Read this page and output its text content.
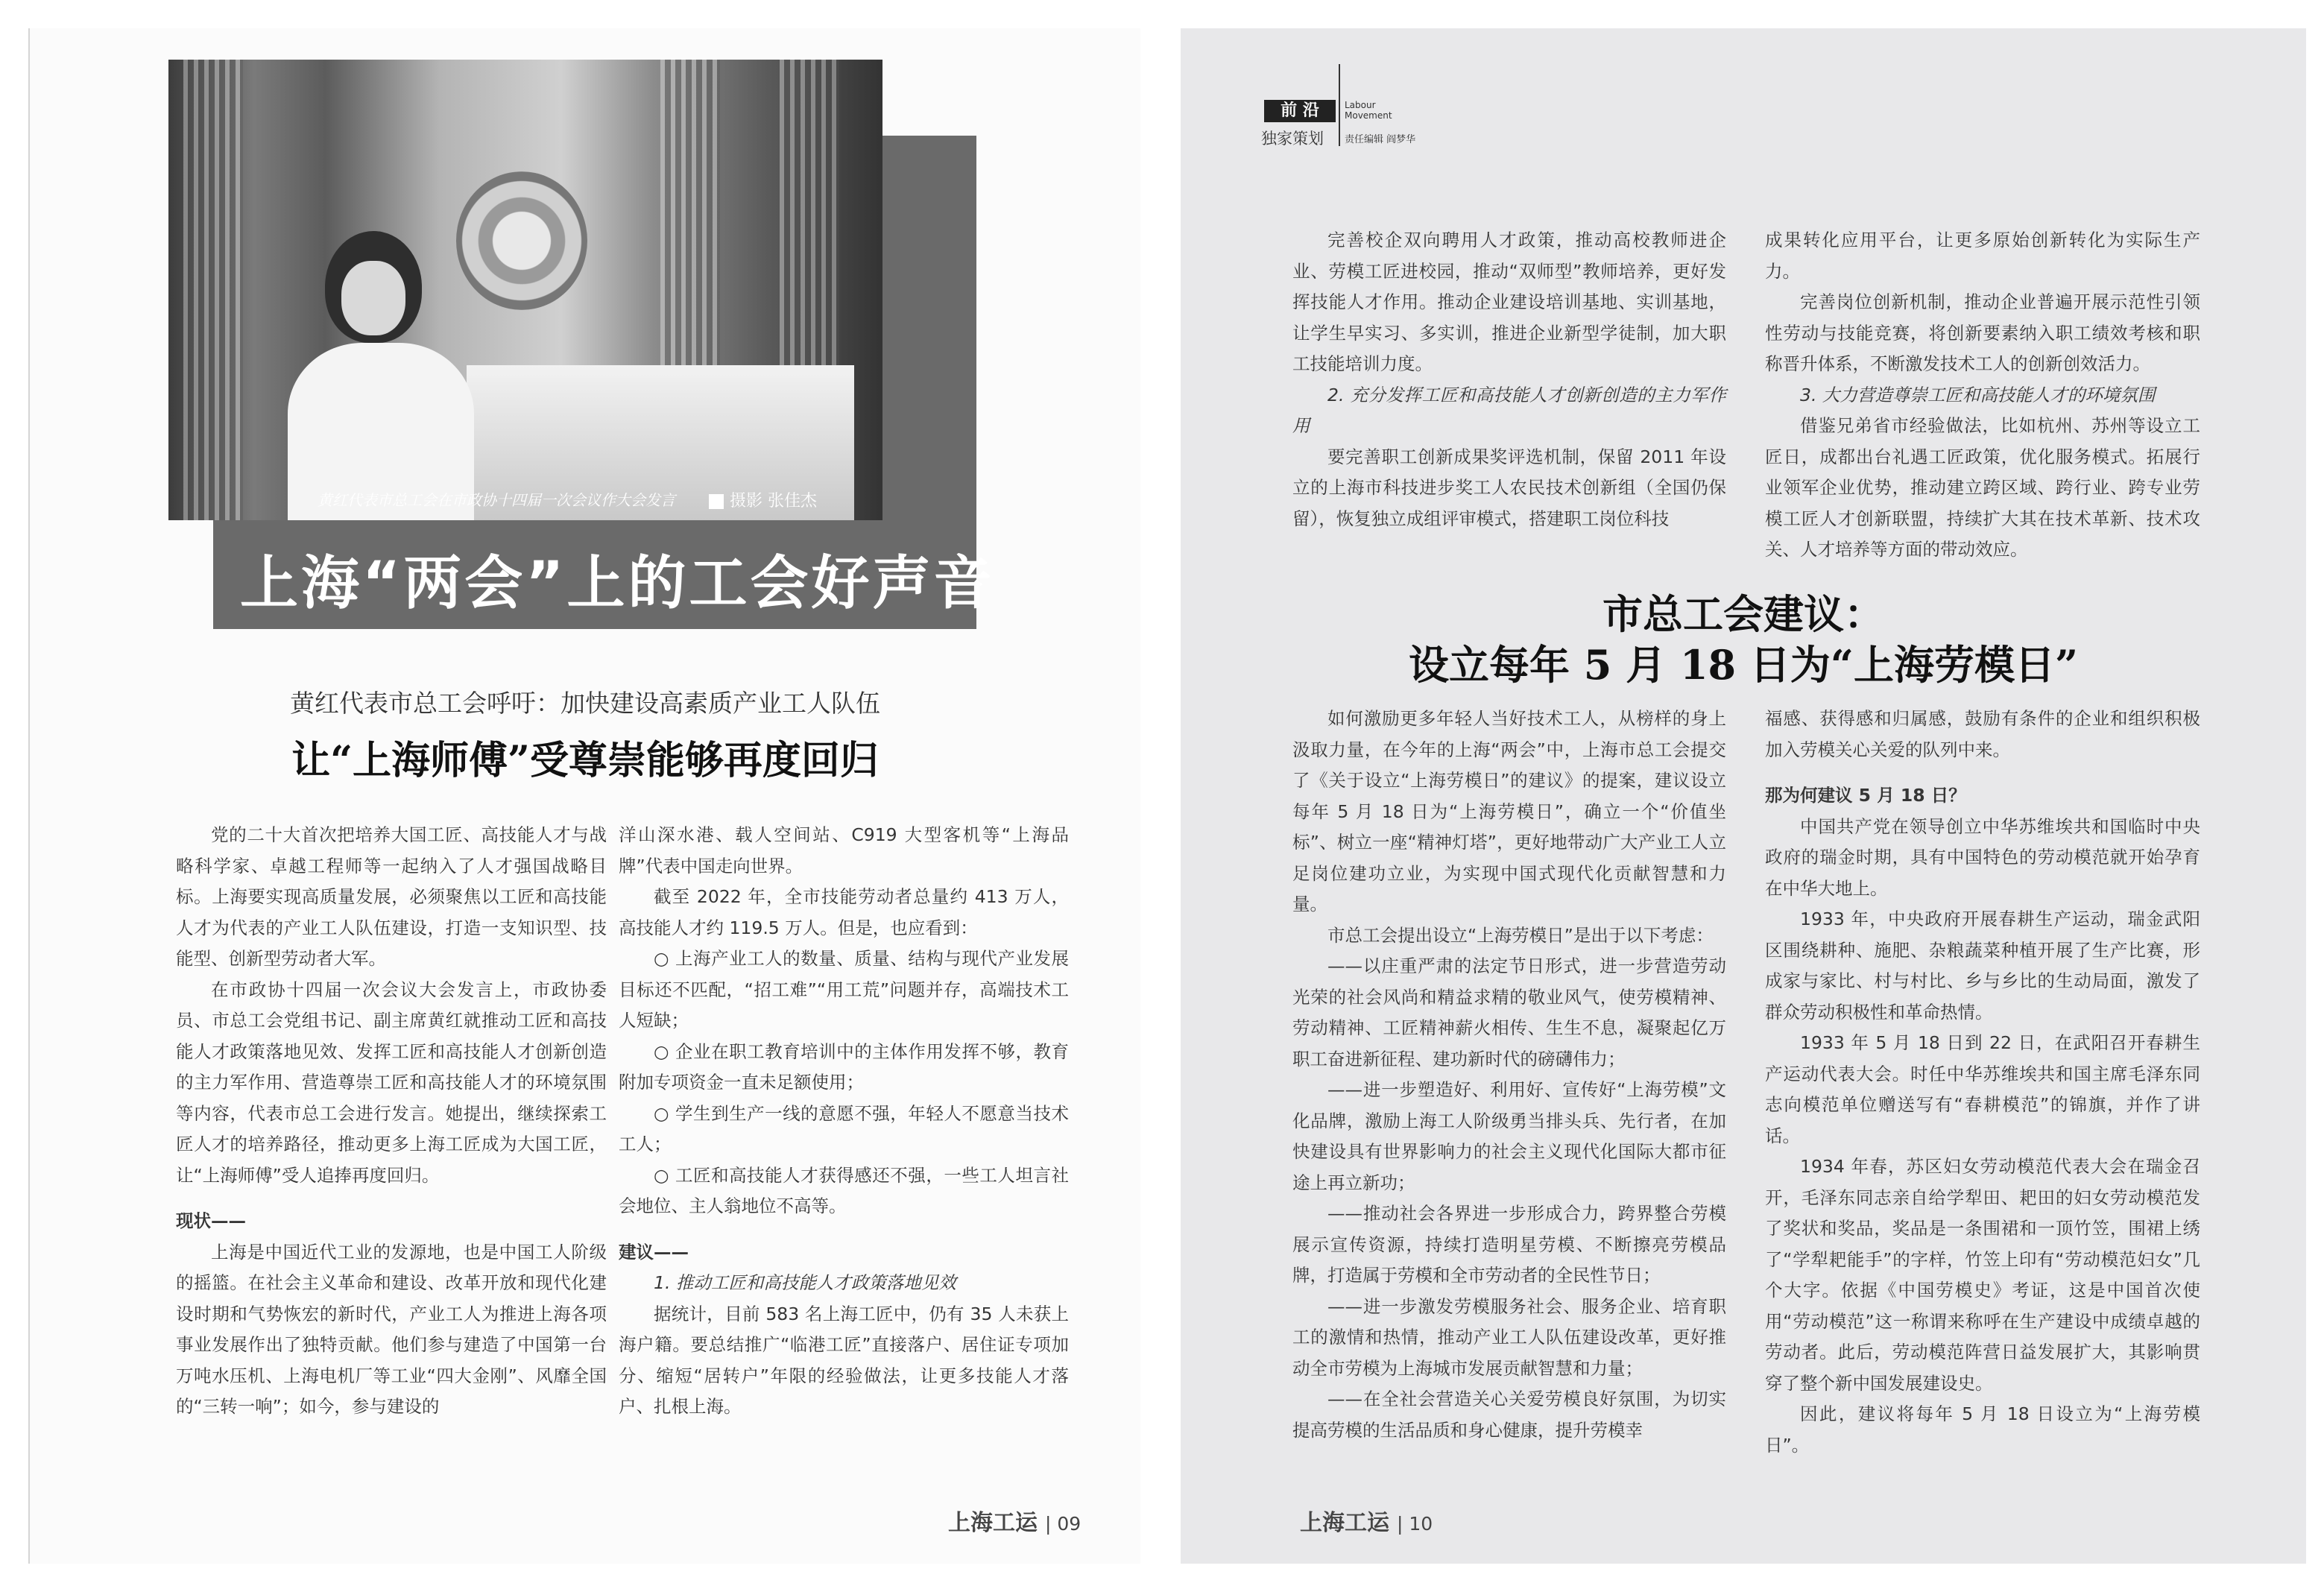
黄红代表市总工会在市政协十四届一次会议作大会发言	摄影 张佳杰
上海“两会”上的工会好声音
黄红代表市总工会呼吁：加快建设高素质产业工人队伍
让“上海师傅”受尊崇能够再度回归

党的二十大首次把培养大国工匠、高技能人才与战略科学家、卓越工程师等一起纳入了人才强国战略目标。上海要实现高质量发展，必须聚焦以工匠和高技能人才为代表的产业工人队伍建设，打造一支知识型、技能型、创新型劳动者大军。

在市政协十四届一次会议大会发言上，市政协委员、市总工会党组书记、副主席黄红就推动工匠和高技能人才政策落地见效、发挥工匠和高技能人才创新创造的主力军作用、营造尊崇工匠和高技能人才的环境氛围等内容，代表市总工会进行发言。她提出，继续探索工匠人才的培养路径，推动更多上海工匠成为大国工匠，让“上海师傅”受人追捧再度回归。

现状——

上海是中国近代工业的发源地，也是中国工人阶级的摇篮。在社会主义革命和建设、改革开放和现代化建设时期和气势恢宏的新时代，产业工人为推进上海各项事业发展作出了独特贡献。他们参与建造了中国第一台万吨水压机、上海电机厂等工业“四大金刚”、风靡全国的“三转一响”；如今，参与建设的

洋山深水港、载人空间站、C919 大型客机等“上海品牌”代表中国走向世界。

截至 2022 年，全市技能劳动者总量约 413 万人，高技能人才约 119.5 万人。但是，也应看到：

○ 上海产业工人的数量、质量、结构与现代产业发展目标还不匹配，“招工难”“用工荒”问题并存，高端技术工人短缺；

○ 企业在职工教育培训中的主体作用发挥不够，教育附加专项资金一直未足额使用；

○ 学生到生产一线的意愿不强，年轻人不愿意当技术工人；

○ 工匠和高技能人才获得感还不强，一些工人坦言社会地位、主人翁地位不高等。

建议——

1. 推动工匠和高技能人才政策落地见效

据统计，目前 583 名上海工匠中，仍有 35 人未获上海户籍。要总结推广“临港工匠”直接落户、居住证专项加分、缩短“居转户”年限的经验做法，让更多技能人才落户、扎根上海。

上海工运 | 09
前 沿
独家策划
Labour
Movement
责任编辑 阎梦华

完善校企双向聘用人才政策，推动高校教师进企业、劳模工匠进校园，推动“双师型”教师培养，更好发挥技能人才作用。推动企业建设培训基地、实训基地，让学生早实习、多实训，推进企业新型学徒制，加大职工技能培训力度。

2. 充分发挥工匠和高技能人才创新创造的主力军作用

要完善职工创新成果奖评选机制，保留 2011 年设立的上海市科技进步奖工人农民技术创新组（全国仍保留），恢复独立成组评审模式，搭建职工岗位科技

成果转化应用平台，让更多原始创新转化为实际生产力。

完善岗位创新机制，推动企业普遍开展示范性引领性劳动与技能竞赛，将创新要素纳入职工绩效考核和职称晋升体系，不断激发技术工人的创新创效活力。

3. 大力营造尊崇工匠和高技能人才的环境氛围

借鉴兄弟省市经验做法，比如杭州、苏州等设立工匠日，成都出台礼遇工匠政策，优化服务模式。拓展行业领军企业优势，推动建立跨区域、跨行业、跨专业劳模工匠人才创新联盟，持续扩大其在技术革新、技术攻关、人才培养等方面的带动效应。

市总工会建议：
设立每年 5 月 18 日为“上海劳模日”

如何激励更多年轻人当好技术工人，从榜样的身上汲取力量，在今年的上海“两会”中，上海市总工会提交了《关于设立“上海劳模日”的建议》的提案，建议设立每年 5 月 18 日为“上海劳模日”，确立一个“价值坐标”、树立一座“精神灯塔”，更好地带动广大产业工人立足岗位建功立业，为实现中国式现代化贡献智慧和力量。

市总工会提出设立“上海劳模日”是出于以下考虑：

——以庄重严肃的法定节日形式，进一步营造劳动光荣的社会风尚和精益求精的敬业风气，使劳模精神、劳动精神、工匠精神薪火相传、生生不息，凝聚起亿万职工奋进新征程、建功新时代的磅礴伟力；

——进一步塑造好、利用好、宣传好“上海劳模”文化品牌，激励上海工人阶级勇当排头兵、先行者，在加快建设具有世界影响力的社会主义现代化国际大都市征途上再立新功；

——推动社会各界进一步形成合力，跨界整合劳模展示宣传资源，持续打造明星劳模、不断擦亮劳模品牌，打造属于劳模和全市劳动者的全民性节日；

——进一步激发劳模服务社会、服务企业、培育职工的激情和热情，推动产业工人队伍建设改革，更好推动全市劳模为上海城市发展贡献智慧和力量；

——在全社会营造关心关爱劳模良好氛围，为切实提高劳模的生活品质和身心健康，提升劳模幸

福感、获得感和归属感，鼓励有条件的企业和组织积极加入劳模关心关爱的队列中来。

那为何建议 5 月 18 日？

中国共产党在领导创立中华苏维埃共和国临时中央政府的瑞金时期，具有中国特色的劳动模范就开始孕育在中华大地上。

1933 年，中央政府开展春耕生产运动，瑞金武阳区围绕耕种、施肥、杂粮蔬菜种植开展了生产比赛，形成家与家比、村与村比、乡与乡比的生动局面，激发了群众劳动积极性和革命热情。

1933 年 5 月 18 日到 22 日，在武阳召开春耕生产运动代表大会。时任中华苏维埃共和国主席毛泽东同志向模范单位赠送写有“春耕模范”的锦旗，并作了讲话。

1934 年春，苏区妇女劳动模范代表大会在瑞金召开，毛泽东同志亲自给学犁田、耙田的妇女劳动模范发了奖状和奖品，奖品是一条围裙和一顶竹笠，围裙上绣了“学犁耙能手”的字样，竹笠上印有“劳动模范妇女”几个大字。依据《中国劳模史》考证，这是中国首次使用“劳动模范”这一称谓来称呼在生产建设中成绩卓越的劳动者。此后，劳动模范阵营日益发展扩大，其影响贯穿了整个新中国发展建设史。

因此，建议将每年 5 月 18 日设立为“上海劳模日”。

上海工运 | 10
